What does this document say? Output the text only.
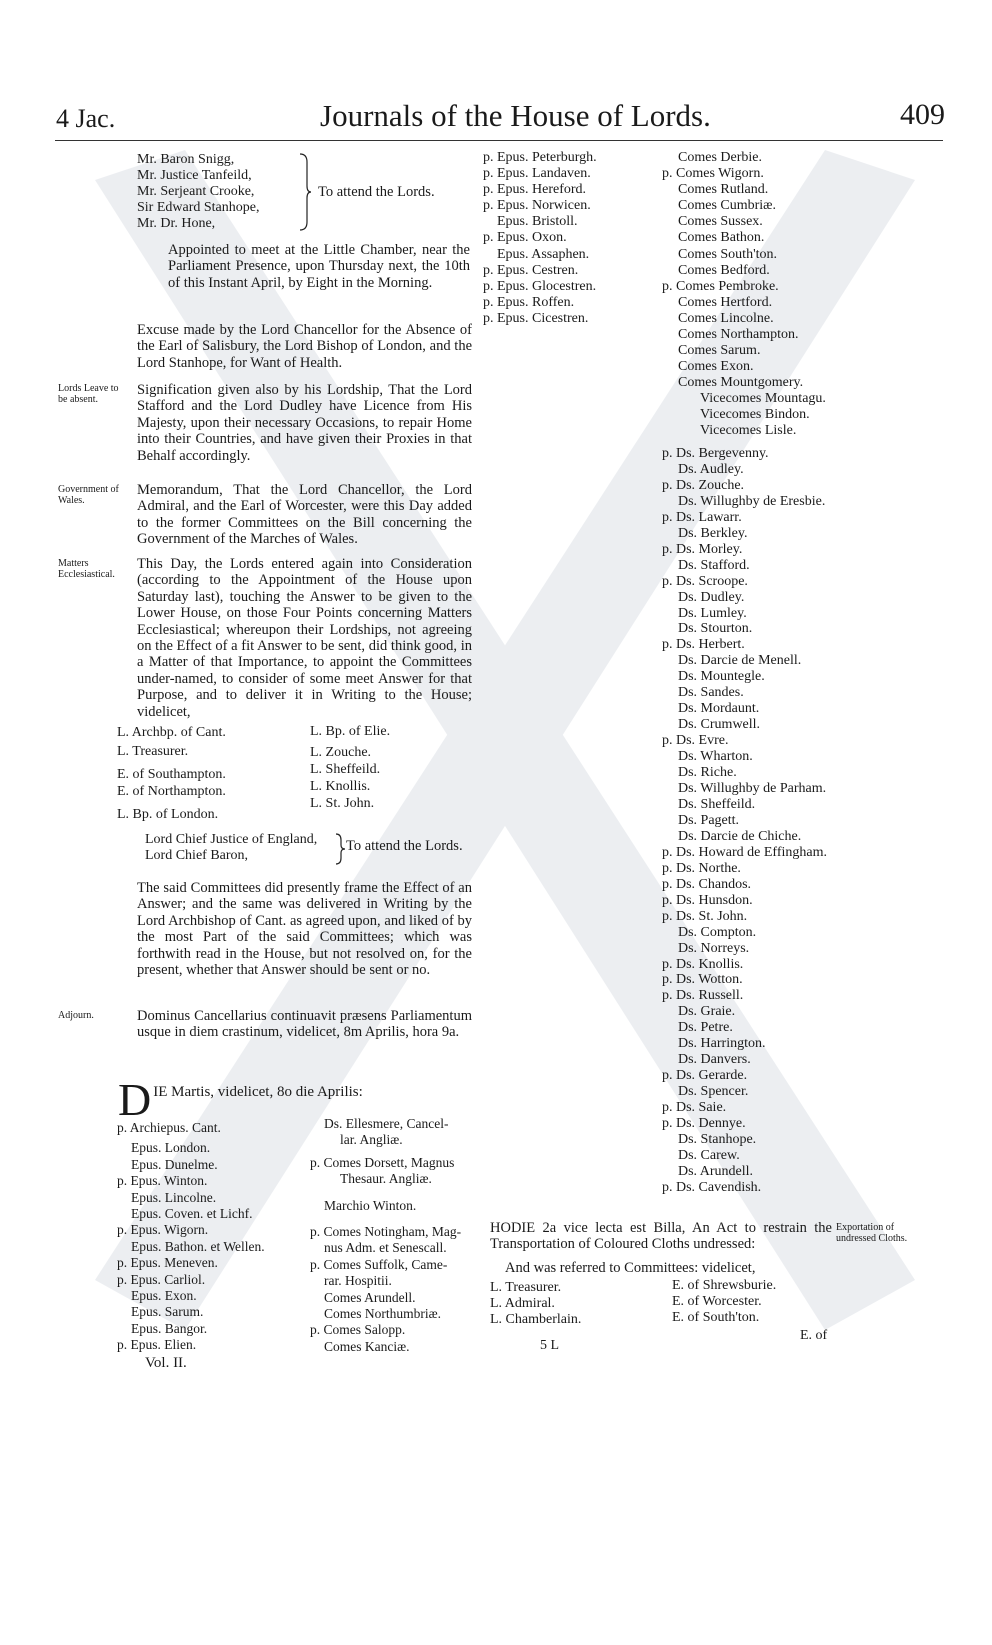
4 Jac.	Journals of the House of Lords.	409
Mr. Baron Snigg,
Mr. Justice Tanfeild,
Mr. Serjeant Crooke,
Sir Edward Stanhope,
Mr. Dr. Hone,
To attend the Lords.
Appointed to meet at the Little Chamber, near the Parliament Presence, upon Thursday next, the 10th of this Instant April, by Eight in the Morning.
Excuse made by the Lord Chancellor for the Absence of the Earl of Salisbury, the Lord Bishop of London, and the Lord Stanhope, for Want of Health.
Lords Leave to be absent.
Signification given also by his Lordship, That the Lord Stafford and the Lord Dudley have Licence from His Majesty, upon their necessary Occasions, to repair Home into their Countries, and have given their Proxies in that Behalf accordingly.
Government of Wales.
Memorandum, That the Lord Chancellor, the Lord Admiral, and the Earl of Worcester, were this Day added to the former Committees on the Bill concerning the Government of the Marches of Wales.
Matters Ecclesiastical.
This Day, the Lords entered again into Consideration (according to the Appointment of the House upon Saturday last), touching the Answer to be given to the Lower House, on those Four Points concerning Matters Ecclesiastical; whereupon their Lordships, not agreeing on the Effect of a fit Answer to be sent, did think good, in a Matter of that Importance, to appoint the Committees under-named, to consider of some meet Answer for that Purpose, and to deliver it in Writing to the House; videlicet,
L. Archbp. of Cant.
L. Treasurer.
E. of Southampton.
E. of Northampton.
L. Bp. of London.
L. Bp. of Elie.
L. Zouche.
L. Sheffeild.
L. Knollis.
L. St. John.
Lord Chief Justice of England,
Lord Chief Baron,
To attend the Lords.
The said Committees did presently frame the Effect of an Answer; and the same was delivered in Writing by the Lord Archbishop of Cant. as agreed upon, and liked of by the most Part of the said Committees; which was forthwith read in the House, but not resolved on, for the present, whether that Answer should be sent or no.
Adjourn.	Dominus Cancellarius continuavit præsens Parliamentum usque in diem crastinum, videlicet, 8m Aprilis, hora 9a.
D IE Martis, videlicet, 8o die Aprilis:
p. Archiepus. Cant.
Epus. London.
Epus. Dunelme.
p. Epus. Winton.
Epus. Lincolne.
Epus. Coven. et Lichf.
p. Epus. Wigorn.
Epus. Bathon. et Wellen.
p. Epus. Meneven.
p. Epus. Carliol.
Epus. Exon.
Epus. Sarum.
Epus. Bangor.
p. Epus. Elien.
Ds. Ellesmere, Cancel-
lar. Angliæ.
p. Comes Dorsett, Magnus
Thesaur. Angliæ.
Marchio Winton.
p. Comes Notingham, Mag-
nus Adm. et Senescall.
p. Comes Suffolk, Came-
rar. Hospitii.
Comes Arundell.
Comes Northumbriæ.
p. Comes Salopp.
Comes Kanciæ.
Vol. II.
p. Epus. Peterburgh.
p. Epus. Landaven.
p. Epus. Hereford.
p. Epus. Norwicen.
Epus. Bristoll.
p. Epus. Oxon.
Epus. Assaphen.
p. Epus. Cestren.
p. Epus. Glocestren.
p. Epus. Roffen.
p. Epus. Cicestren.
Comes Derbie.
p. Comes Wigorn.
Comes Rutland.
Comes Cumbriæ.
Comes Sussex.
Comes Bathon.
Comes South'ton.
Comes Bedford.
p. Comes Pembroke.
Comes Hertford.
Comes Lincolne.
Comes Northampton.
Comes Sarum.
Comes Exon.
Comes Mountgomery.
Vicecomes Mountagu.
Vicecomes Bindon.
Vicecomes Lisle.
p. Ds. Bergevenny.
Ds. Audley.
p. Ds. Zouche.
Ds. Willughby de Eresbie.
p. Ds. Lawarr.
Ds. Berkley.
p. Ds. Morley.
Ds. Stafford.
p. Ds. Scroope.
Ds. Dudley.
Ds. Lumley.
Ds. Stourton.
p. Ds. Herbert.
Ds. Darcie de Menell.
Ds. Mountegle.
Ds. Sandes.
Ds. Mordaunt.
Ds. Crumwell.
p. Ds. Evre.
Ds. Wharton.
Ds. Riche.
Ds. Willughby de Parham.
Ds. Sheffeild.
Ds. Pagett.
Ds. Darcie de Chiche.
p. Ds. Howard de Effingham.
p. Ds. Northe.
p. Ds. Chandos.
p. Ds. Hunsdon.
p. Ds. St. John.
Ds. Compton.
Ds. Norreys.
p. Ds. Knollis.
p. Ds. Wotton.
p. Ds. Russell.
Ds. Graie.
Ds. Petre.
Ds. Harrington.
Ds. Danvers.
p. Ds. Gerarde.
Ds. Spencer.
p. Ds. Saie.
p. Ds. Dennye.
Ds. Stanhope.
Ds. Carew.
Ds. Arundell.
p. Ds. Cavendish.
HODIE 2a vice lecta est Billa, An Act to restrain the Transportation of Coloured Cloths undressed:
Exportation of undressed Cloths.
And was referred to Committees: videlicet,
L. Treasurer.
L. Admiral.
L. Chamberlain.
E. of Shrewsburie.
E. of Worcester.
E. of South'ton.
5 L
E. of
